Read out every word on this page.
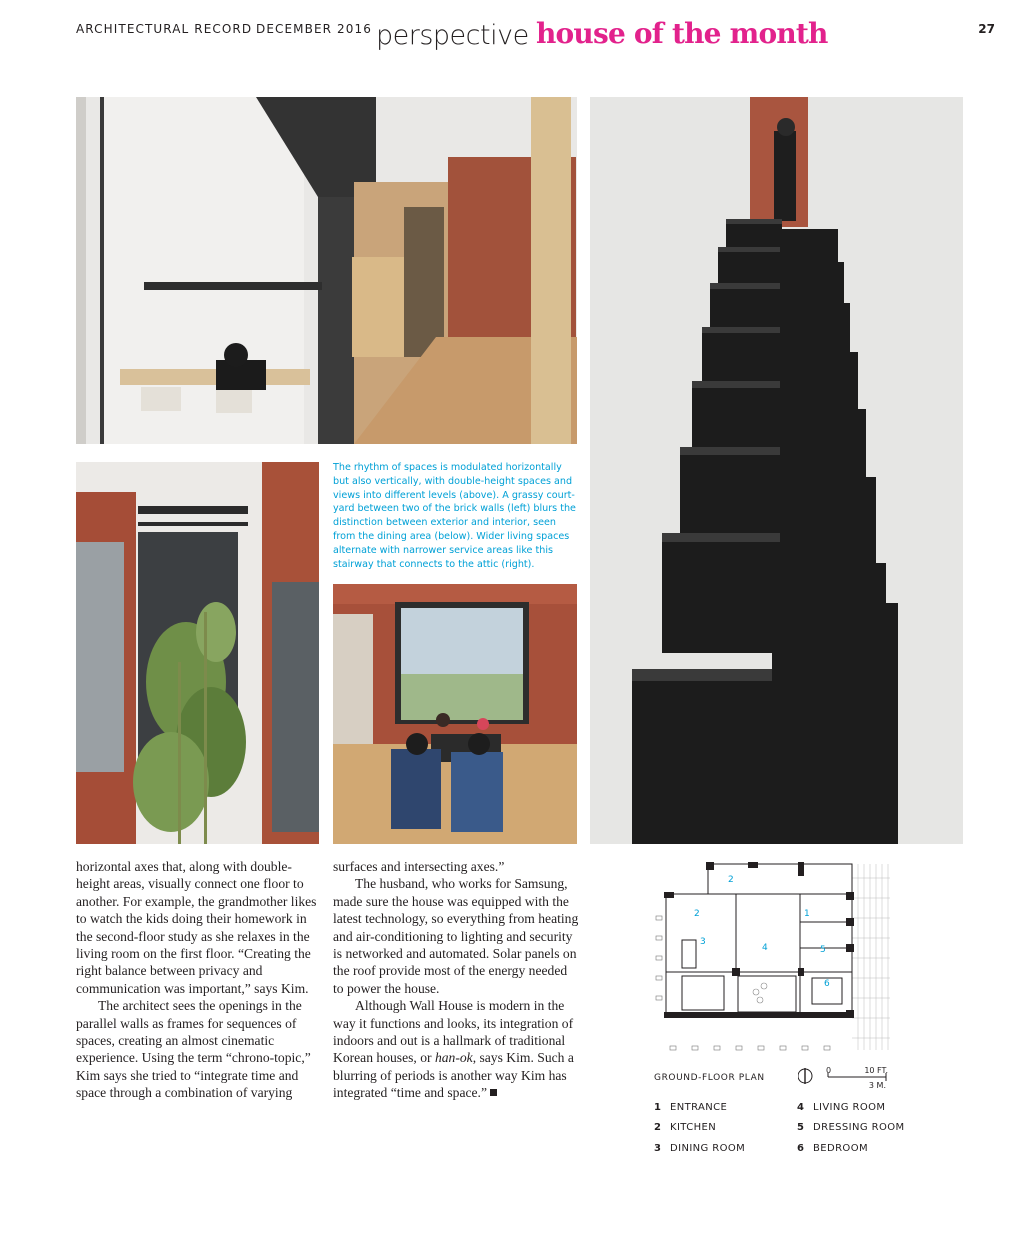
ARCHITECTURAL RECORD DECEMBER 2016 perspective house of the month	27
The rhythm of spaces is modulated horizontally but also vertically, with double-height spaces and views into different levels (above). A grassy court-yard between two of the brick walls (left) blurs the distinction between exterior and interior, seen from the dining area (below). Wider living spaces alternate with narrower service areas like this stairway that connects to the attic (right).

horizontal axes that, along with double-height areas, visually connect one floor to another. For example, the grandmother likes to watch the kids doing their homework in the second-floor study as she relaxes in the living room on the first floor. “Creating the right balance between privacy and communication was important,” says Kim.

The architect sees the openings in the parallel walls as frames for sequences of spaces, creating an almost cinematic experience. Using the term “chrono-topic,” Kim says she tried to “integrate time and space through a combination of varying

surfaces and intersecting axes.”

The husband, who works for Samsung, made sure the house was equipped with the latest technology, so everything from heating and air-conditioning to lighting and security is networked and automated. Solar panels on the roof provide most of the energy needed to power the house.

Although Wall House is modern in the way it functions and looks, its integration of indoors and out is a hallmark of traditional Korean houses, or han-ok, says Kim. Such a blurring of periods is another way Kim has integrated “time and space.”

1
2
2
3
4	5
6
GROUND-FLOOR PLAN
0	10 FT.
3 M.
1 ENTRANCE
2 KITCHEN
3 DINING ROOM
4 LIVING ROOM
5 DRESSING ROOM
6 BEDROOM
